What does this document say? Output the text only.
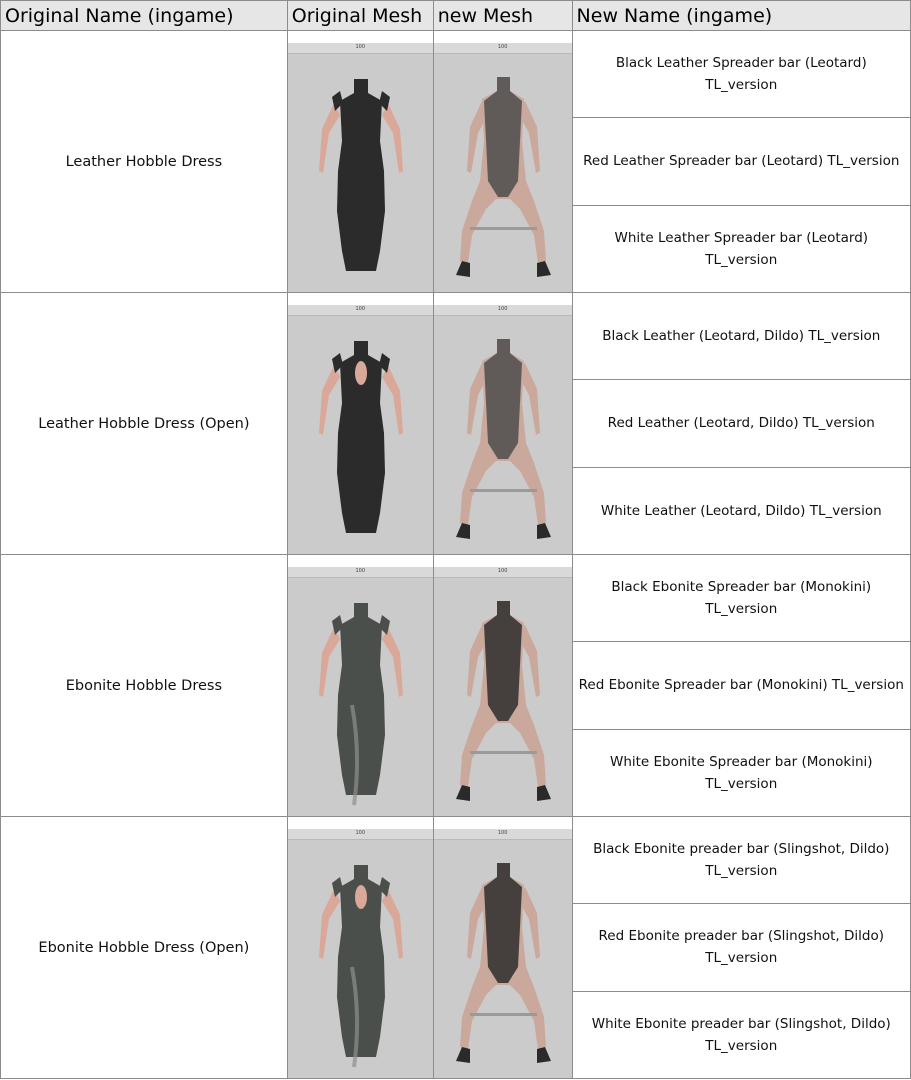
Original Name (ingame)	Original Mesh	new Mesh	New Name (ingame)
Leather Hobble Dress	100	100	Black Leather Spreader bar (Leotard) TL_version
			Red Leather Spreader bar (Leotard) TL_version
			White Leather Spreader bar (Leotard) TL_version
Leather Hobble Dress (Open)	100	100	Black Leather (Leotard, Dildo) TL_version
			Red Leather (Leotard, Dildo) TL_version
			White Leather (Leotard, Dildo) TL_version
Ebonite Hobble Dress	100	100	Black Ebonite Spreader bar (Monokini) TL_version
			Red Ebonite Spreader bar (Monokini) TL_version
			White Ebonite Spreader bar (Monokini) TL_version
Ebonite Hobble Dress (Open)	100	100	Black Ebonite preader bar (Slingshot, Dildo) TL_version
			Red Ebonite preader bar (Slingshot, Dildo) TL_version
			White Ebonite preader bar (Slingshot, Dildo) TL_version
